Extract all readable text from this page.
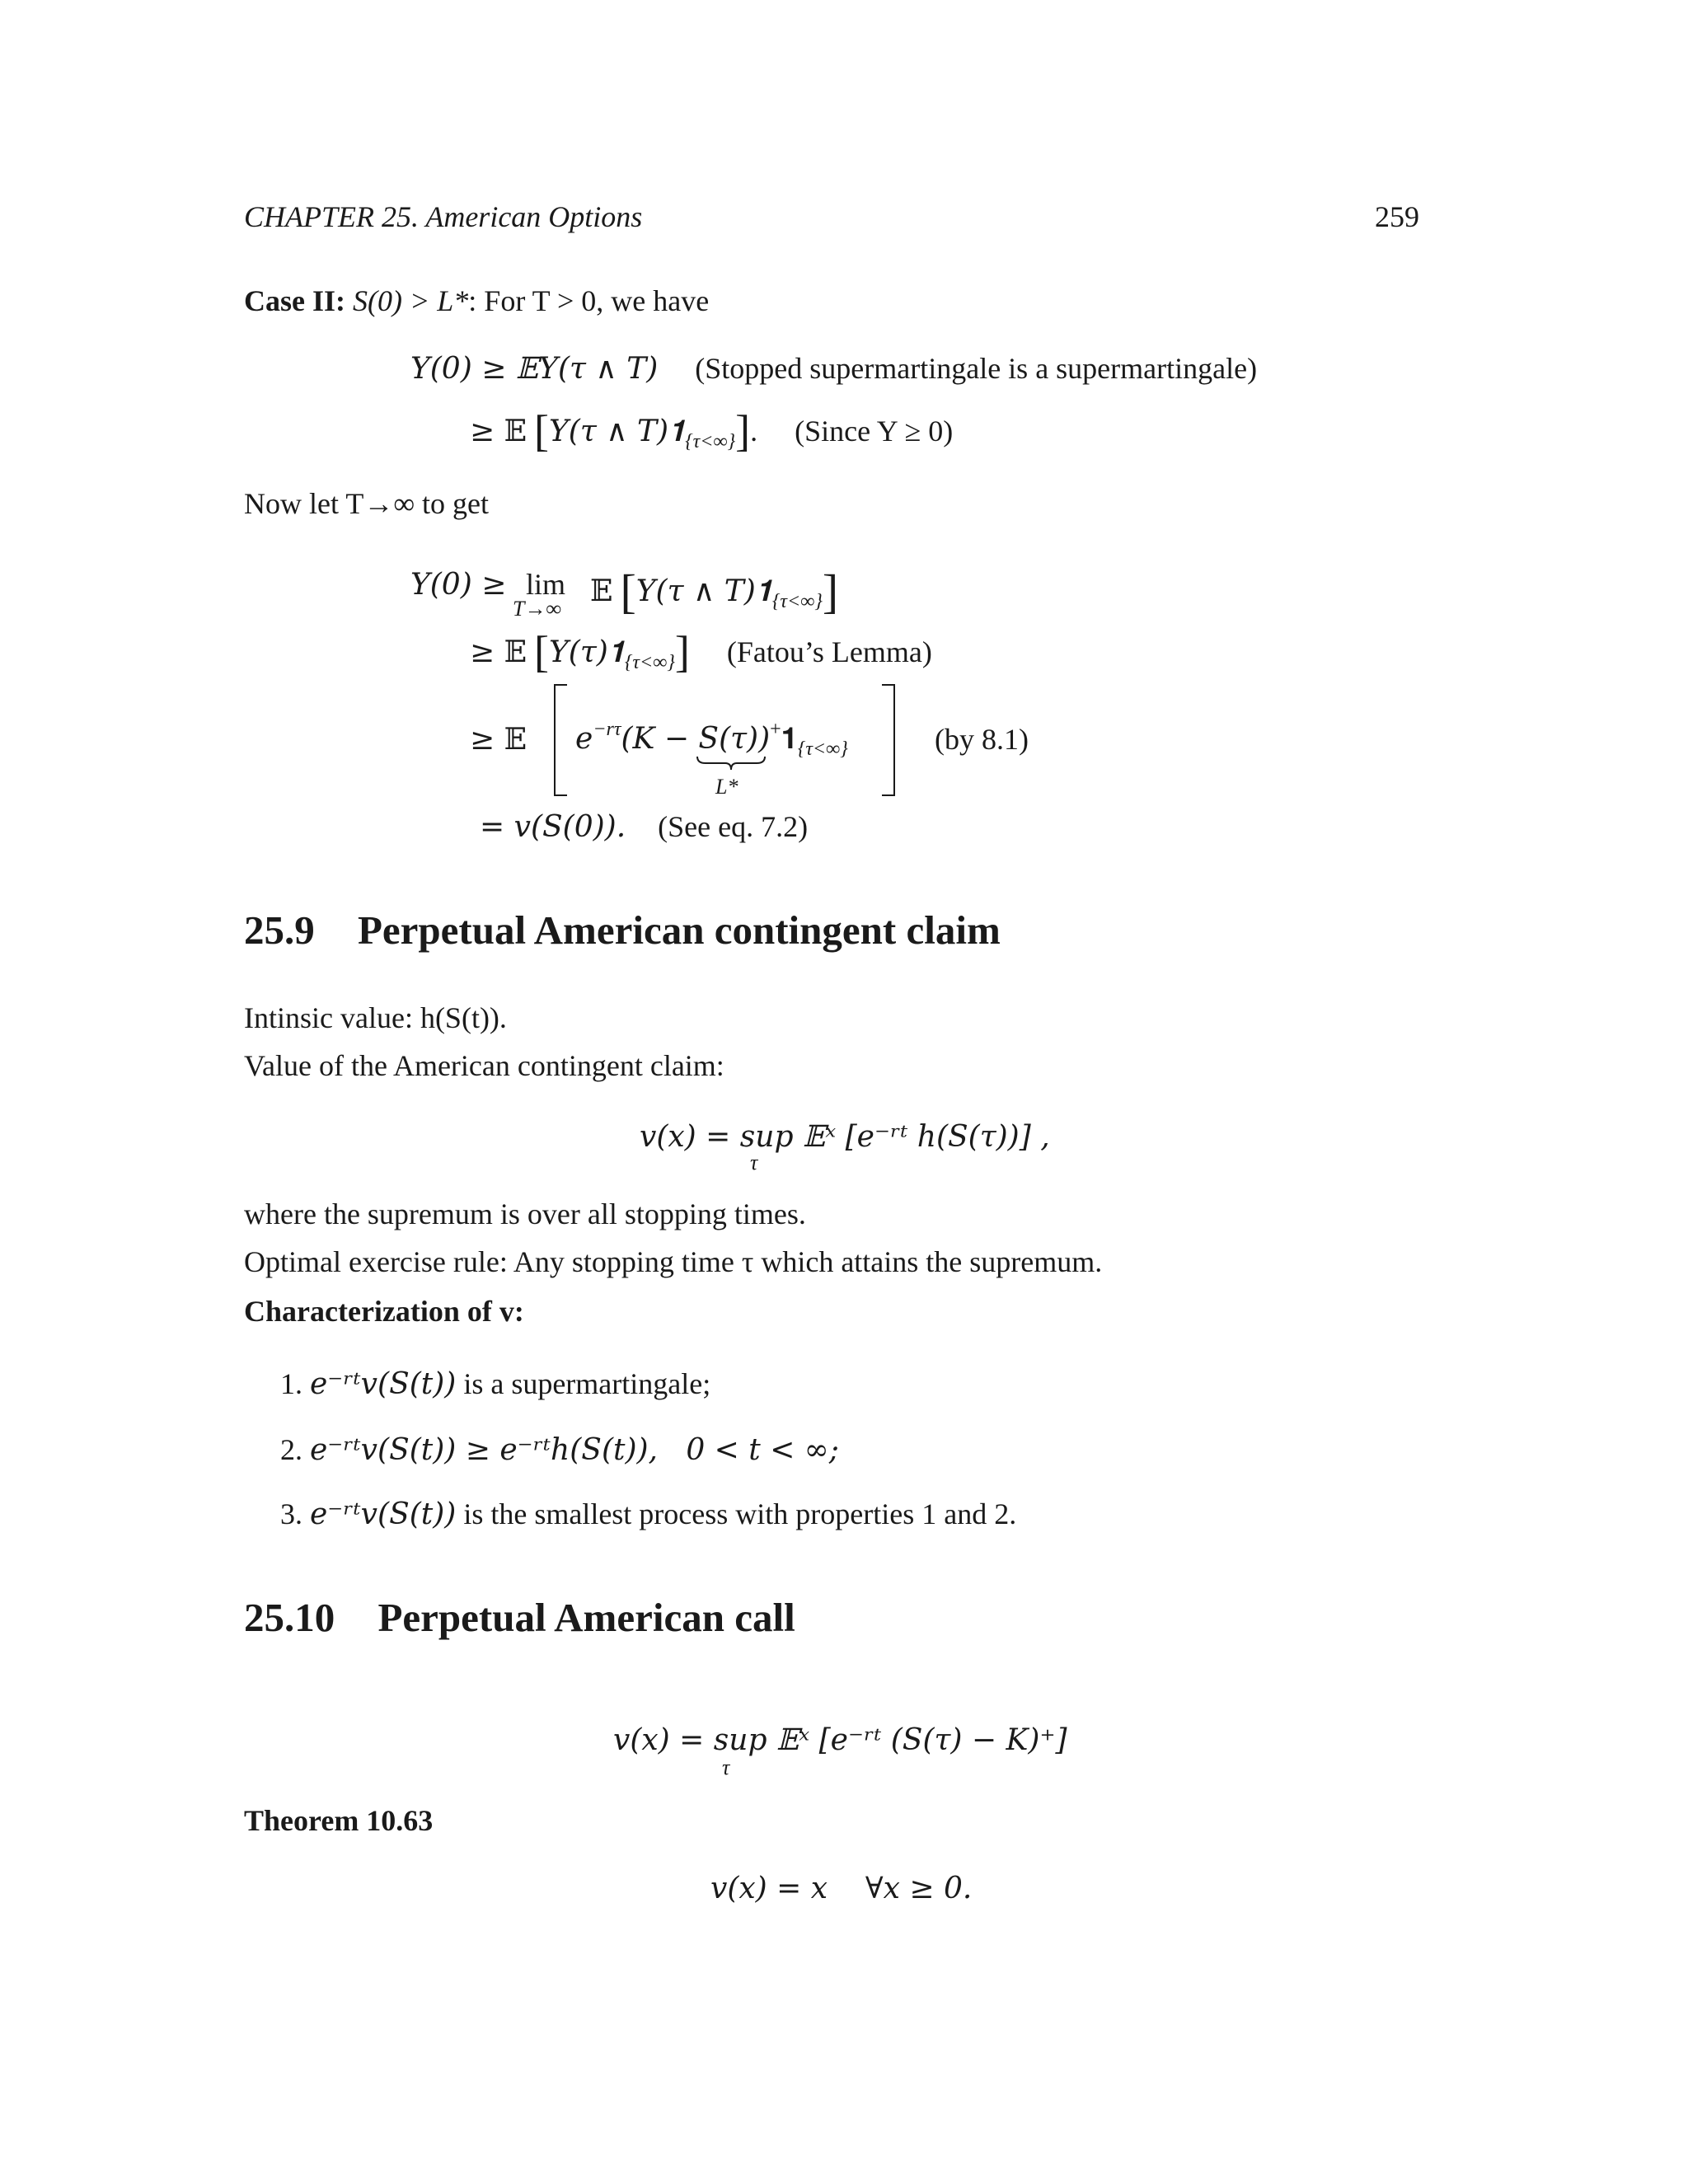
CHAPTER 25. American Options	259
Case II: S(0) > L*: For T > 0, we have
Y(0) ≥ 𝔼Y(τ ∧ T) (Stopped supermartingale is a supermartingale)
≥ 𝔼 [Y(τ ∧ $T)𝟏_{\{\tau<\infty\}}$]. (Since Y ≥ 0)
Now let T→∞ to get
Y(0) ≥ lim
T→∞
𝔼 [Y(τ ∧ $T)𝟏_{\{\tau<\infty\}}$]
≥ 𝔼 $[Y(\tau)𝟏_{\{\tau<\infty\}}]$ (Fatou’s Lemma)
≥ 𝔼 $e^{-r\tau}(K$ − $S(\tau))^+𝟏_{\{\tau<\infty\}}$
L*
(by 8.1)
= v(S(0)). (See eq. 7.2)
25.9 Perpetual American contingent claim
Intinsic value: h(S(t)).
Value of the American contingent claim:
v(x) = sup 𝔼ˣ [e⁻ʳᵗ h(S(τ))] ,
τ
where the supremum is over all stopping times.
Optimal exercise rule: Any stopping time τ which attains the supremum.
Characterization of v:
1. e⁻ʳᵗv(S(t)) is a supermartingale;
2. e⁻ʳᵗv(S(t)) ≥ e⁻ʳᵗh(S(t)),   0 < t < ∞;
3. e⁻ʳᵗv(S(t)) is the smallest process with properties 1 and 2.
25.10 Perpetual American call
v(x) = sup 𝔼ˣ [e⁻ʳᵗ (S(τ) − K)⁺]
τ
Theorem 10.63
v(x) = x    ∀x ≥ 0.
